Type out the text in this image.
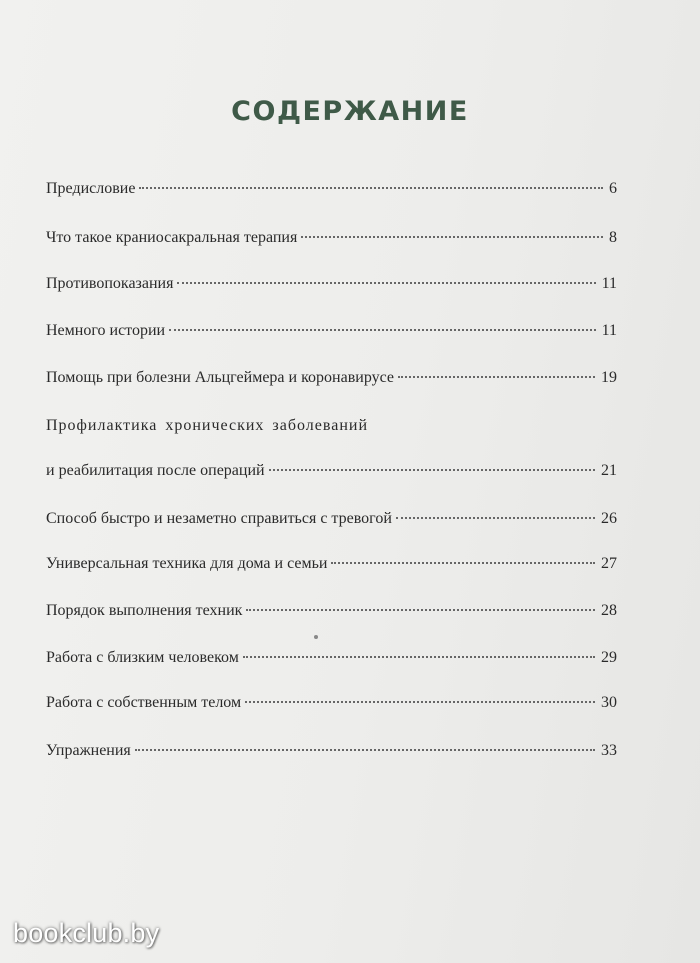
СОДЕРЖАНИЕ
Предисловие	6
Что такое краниосакральная терапия	8
Противопоказания	11
Немного истории	11
Помощь при болезни Альцгеймера и коронавирусе	19
Профилактика хронических заболеваний
и реабилитация после операций	21
Способ быстро и незаметно справиться с тревогой	26
Универсальная техника для дома и семьи	27
Порядок выполнения техник	28
Работа с близким человеком	29
Работа с собственным телом	30
Упражнения	33
bookclub.by
